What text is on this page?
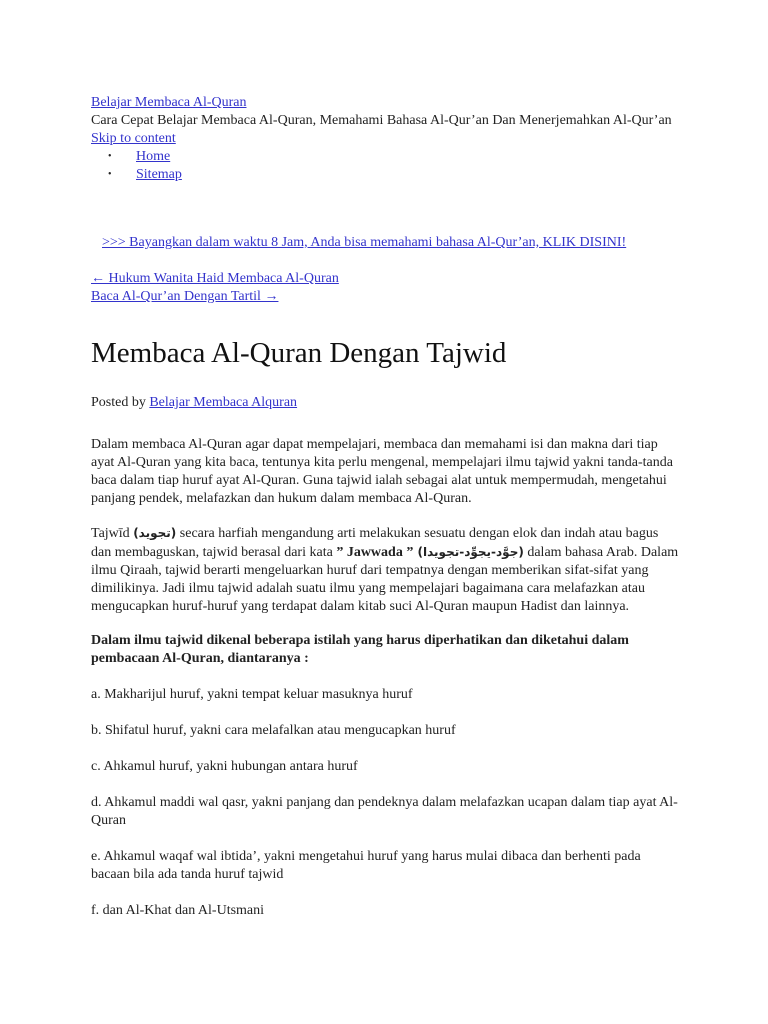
Belajar Membaca Al-Quran

Cara Cepat Belajar Membaca Al-Quran, Memahami Bahasa Al-Qur’an Dan Menerjemahkan Al-Qur’an

Skip to content
• Home
• Sitemap
>>> Bayangkan dalam waktu 8 Jam, Anda bisa memahami bahasa Al-Qur’an, KLIK DISINI!
← Hukum Wanita Haid Membaca Al-Quran
Baca Al-Qur’an Dengan Tartil →
Membaca Al-Quran Dengan Tajwid
Posted by Belajar Membaca Alquran

Dalam membaca Al-Quran agar dapat mempelajari, membaca dan memahami isi dan makna dari tiap ayat Al-Quran yang kita baca, tentunya kita perlu mengenal, mempelajari ilmu tajwid yakni tanda-tanda baca dalam tiap huruf ayat Al-Quran. Guna tajwid ialah sebagai alat untuk mempermudah, mengetahui panjang pendek, melafazkan dan hukum dalam membaca Al-Quran.

Tajwīd (تجويد) secara harfiah mengandung arti melakukan sesuatu dengan elok dan indah atau bagus dan membaguskan, tajwid berasal dari kata ” Jawwada ” (جوَّد-يجوِّد-تجويدا) dalam bahasa Arab. Dalam ilmu Qiraah, tajwid berarti mengeluarkan huruf dari tempatnya dengan memberikan sifat-sifat yang dimilikinya. Jadi ilmu tajwid adalah suatu ilmu yang mempelajari bagaimana cara melafazkan atau mengucapkan huruf-huruf yang terdapat dalam kitab suci Al-Quran maupun Hadist dan lainnya.

Dalam ilmu tajwid dikenal beberapa istilah yang harus diperhatikan dan diketahui dalam pembacaan Al-Quran, diantaranya :

a. Makharijul huruf, yakni tempat keluar masuknya huruf

b. Shifatul huruf, yakni cara melafalkan atau mengucapkan huruf

c. Ahkamul huruf, yakni hubungan antara huruf

d. Ahkamul maddi wal qasr, yakni panjang dan pendeknya dalam melafazkan ucapan dalam tiap ayat Al-Quran

e. Ahkamul waqaf wal ibtida’, yakni mengetahui huruf yang harus mulai dibaca dan berhenti pada bacaan bila ada tanda huruf tajwid

f. dan Al-Khat dan Al-Utsmani
